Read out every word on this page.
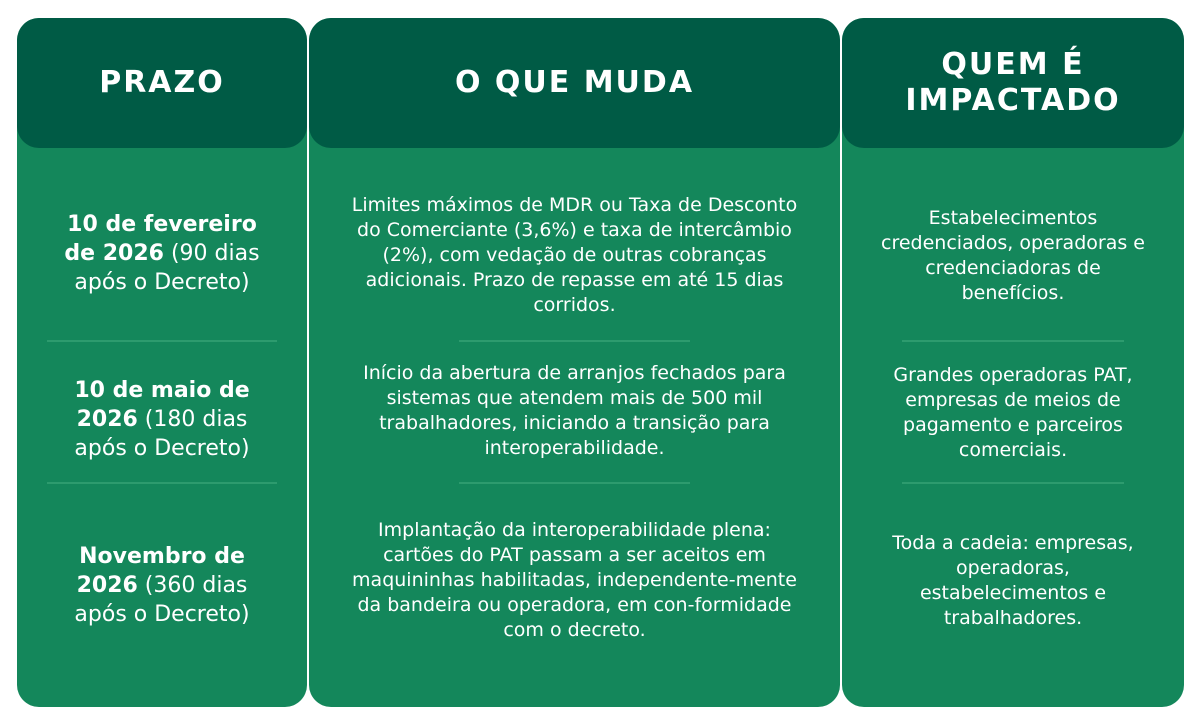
PRAZO
10 de fevereiro de 2026 (90 dias após o Decreto)
10 de maio de 2026 (180 dias após o Decreto)
Novembro de 2026 (360 dias após o Decreto)
O QUE MUDA
Limites máximos de MDR ou Taxa de Desconto do Comerciante (3,6%) e taxa de intercâmbio (2%), com vedação de outras cobranças adicionais. Prazo de repasse em até 15 dias corridos.
Início da abertura de arranjos fechados para sistemas que atendem mais de 500 mil trabalhadores, iniciando a transição para interoperabilidade.
Implantação da interoperabilidade plena: cartões do PAT passam a ser aceitos em maquininhas habilitadas, independente-mente da bandeira ou operadora, em con-formidade com o decreto.
QUEM É IMPACTADO
Estabelecimentos credenciados, operadoras e credenciadoras de benefícios.
Grandes operadoras PAT, empresas de meios de pagamento e parceiros comerciais.
Toda a cadeia: empresas, operadoras, estabelecimentos e trabalhadores.
